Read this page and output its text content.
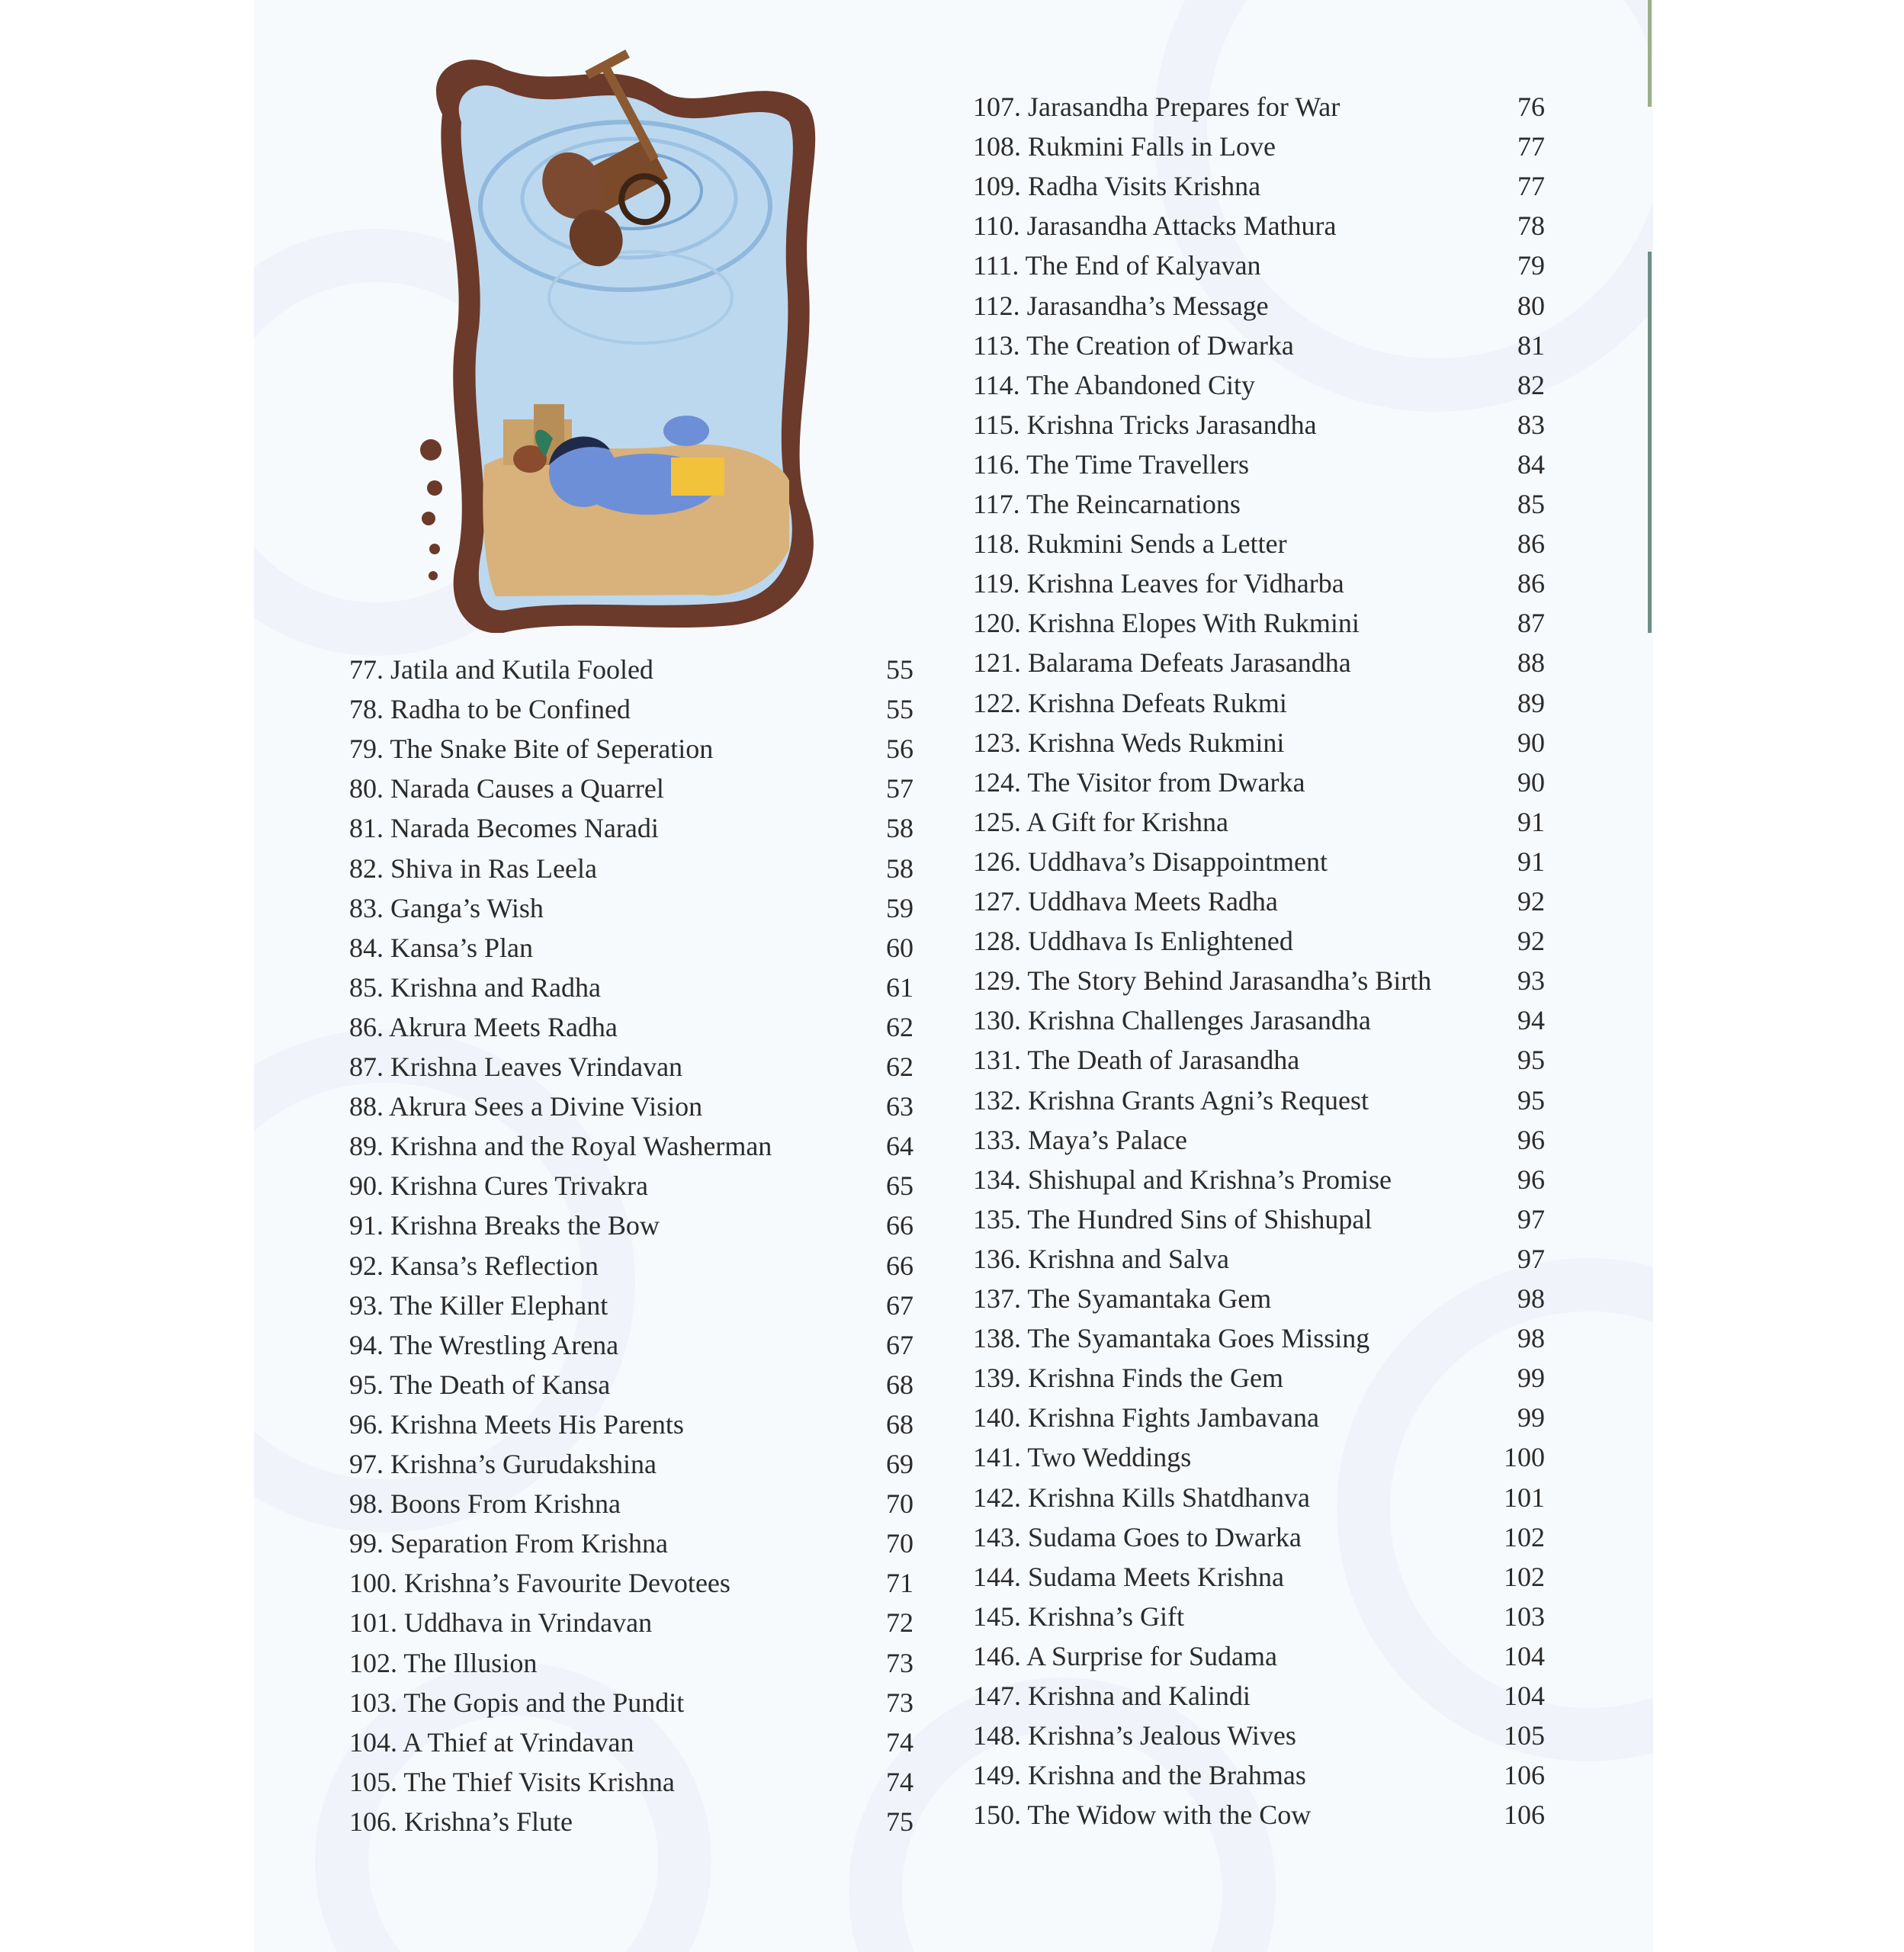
77. Jatila and Kutila Fooled	55
78. Radha to be Confined	55
79. The Snake Bite of Seperation	56
80. Narada Causes a Quarrel	57
81. Narada Becomes Naradi	58
82. Shiva in Ras Leela	58
83. Ganga’s Wish	59
84. Kansa’s Plan	60
85. Krishna and Radha	61
86. Akrura Meets Radha	62
87. Krishna Leaves Vrindavan	62
88. Akrura Sees a Divine Vision	63
89. Krishna and the Royal Washerman	64
90. Krishna Cures Trivakra	65
91. Krishna Breaks the Bow	66
92. Kansa’s Reflection	66
93. The Killer Elephant	67
94. The Wrestling Arena	67
95. The Death of Kansa	68
96. Krishna Meets His Parents	68
97. Krishna’s Gurudakshina	69
98. Boons From Krishna	70
99. Separation From Krishna	70
100. Krishna’s Favourite Devotees	71
101. Uddhava in Vrindavan	72
102. The Illusion	73
103. The Gopis and the Pundit	73
104. A Thief at Vrindavan	74
105. The Thief Visits Krishna	74
106. Krishna’s Flute	75
107. Jarasandha Prepares for War	76
108. Rukmini Falls in Love	77
109. Radha Visits Krishna	77
110. Jarasandha Attacks Mathura	78
111. The End of Kalyavan	79
112. Jarasandha’s Message	80
113. The Creation of Dwarka	81
114. The Abandoned City	82
115. Krishna Tricks Jarasandha	83
116. The Time Travellers	84
117. The Reincarnations	85
118. Rukmini Sends a Letter	86
119. Krishna Leaves for Vidharba	86
120. Krishna Elopes With Rukmini	87
121. Balarama Defeats Jarasandha	88
122. Krishna Defeats Rukmi	89
123. Krishna Weds Rukmini	90
124. The Visitor from Dwarka	90
125. A Gift for Krishna	91
126. Uddhava’s Disappointment	91
127. Uddhava Meets Radha	92
128. Uddhava Is Enlightened	92
129. The Story Behind Jarasandha’s Birth	93
130. Krishna Challenges Jarasandha	94
131. The Death of Jarasandha	95
132. Krishna Grants Agni’s Request	95
133. Maya’s Palace	96
134. Shishupal and Krishna’s Promise	96
135. The Hundred Sins of Shishupal	97
136. Krishna and Salva	97
137. The Syamantaka Gem	98
138. The Syamantaka Goes Missing	98
139. Krishna Finds the Gem	99
140. Krishna Fights Jambavana	99
141. Two Weddings	100
142. Krishna Kills Shatdhanva	101
143. Sudama Goes to Dwarka	102
144. Sudama Meets Krishna	102
145. Krishna’s Gift	103
146. A Surprise for Sudama	104
147. Krishna and Kalindi	104
148. Krishna’s Jealous Wives	105
149. Krishna and the Brahmas	106
150. The Widow with the Cow	106
